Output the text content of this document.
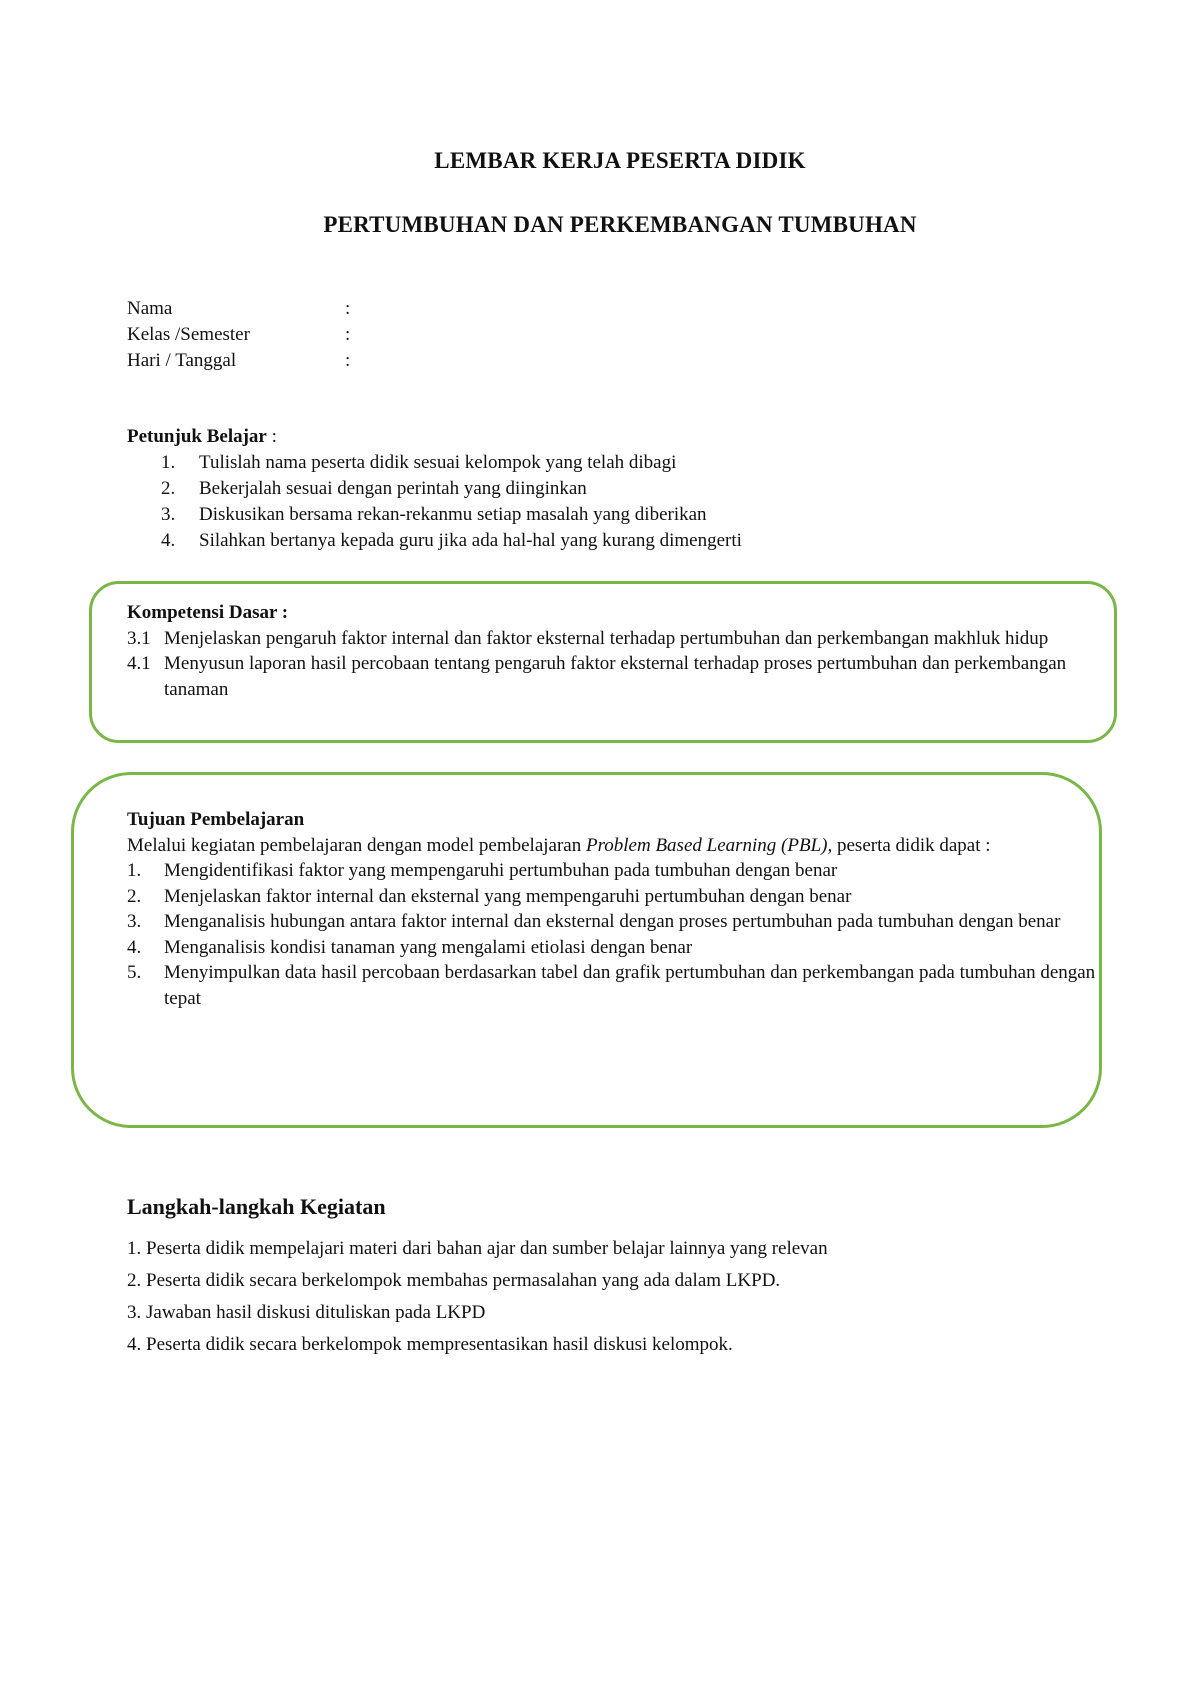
LEMBAR KERJA PESERTA DIDIK
PERTUMBUHAN DAN PERKEMBANGAN TUMBUHAN
Nama	:
Kelas /Semester	:
Hari / Tanggal	:
Petunjuk Belajar :
1.	Tulislah nama peserta didik sesuai kelompok yang telah dibagi
2.	Bekerjalah sesuai dengan perintah yang diinginkan
3.	Diskusikan bersama rekan-rekanmu setiap masalah yang diberikan
4.	Silahkan bertanya kepada guru jika ada hal-hal yang kurang dimengerti
Kompetensi Dasar :
3.1 Menjelaskan pengaruh faktor internal dan faktor eksternal terhadap pertumbuhan dan perkembangan makhluk hidup
4.1 Menyusun laporan hasil percobaan tentang pengaruh faktor eksternal terhadap proses pertumbuhan dan perkembangan tanaman
Tujuan Pembelajaran
Melalui kegiatan pembelajaran dengan model pembelajaran Problem Based Learning (PBL), peserta didik dapat :
1.	Mengidentifikasi faktor yang mempengaruhi pertumbuhan pada tumbuhan dengan benar
2.	Menjelaskan faktor internal dan eksternal yang mempengaruhi pertumbuhan dengan benar
3.	Menganalisis hubungan antara faktor internal dan eksternal dengan proses pertumbuhan pada tumbuhan dengan benar
4.	Menganalisis kondisi tanaman yang mengalami etiolasi dengan benar
5.	Menyimpulkan data hasil percobaan berdasarkan tabel dan grafik pertumbuhan dan perkembangan pada tumbuhan dengan tepat
Langkah-langkah Kegiatan
1. Peserta didik mempelajari materi dari bahan ajar dan sumber belajar lainnya yang relevan
2. Peserta didik secara berkelompok membahas permasalahan yang ada dalam LKPD.
3. Jawaban hasil diskusi dituliskan pada LKPD
4. Peserta didik secara berkelompok mempresentasikan hasil diskusi kelompok.
